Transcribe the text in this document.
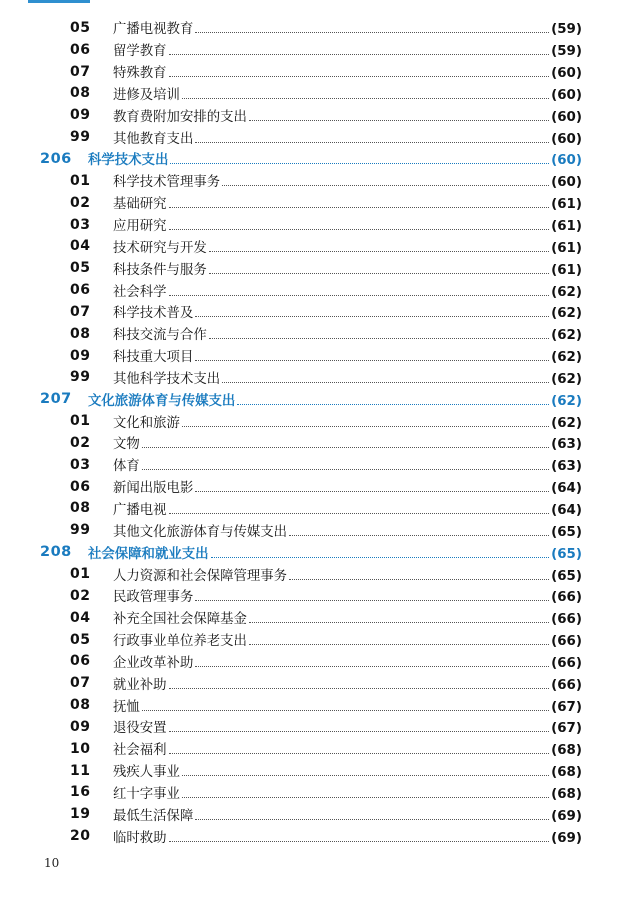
05	广播电视教育	(59)
06	留学教育	(59)
07	特殊教育	(60)
08	进修及培训	(60)
09	教育费附加安排的支出	(60)
99	其他教育支出	(60)
206 科学技术支出	(60)
01	科学技术管理事务	(60)
02	基础研究	(61)
03	应用研究	(61)
04	技术研究与开发	(61)
05	科技条件与服务	(61)
06	社会科学	(62)
07	科学技术普及	(62)
08	科技交流与合作	(62)
09	科技重大项目	(62)
99	其他科学技术支出	(62)
207 文化旅游体育与传媒支出	(62)
01	文化和旅游	(62)
02	文物	(63)
03	体育	(63)
06	新闻出版电影	(64)
08	广播电视	(64)
99	其他文化旅游体育与传媒支出	(65)
208 社会保障和就业支出	(65)
01	人力资源和社会保障管理事务	(65)
02	民政管理事务	(66)
04	补充全国社会保障基金	(66)
05	行政事业单位养老支出	(66)
06	企业改革补助	(66)
07	就业补助	(66)
08	抚恤	(67)
09	退役安置	(67)
10	社会福利	(68)
11	残疾人事业	(68)
16	红十字事业	(68)
19	最低生活保障	(69)
20	临时救助	(69)
10
